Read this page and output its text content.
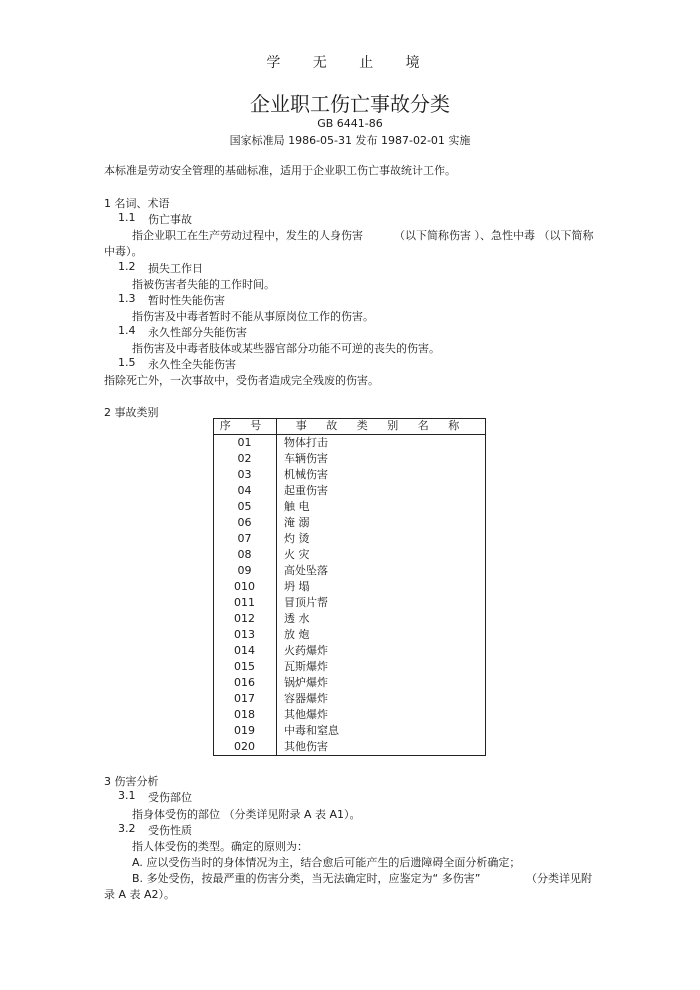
学 无 止 境
企业职工伤亡事故分类
GB 6441-86
国家标准局 1986-05-31 发布 1987-02-01 实施
本标准是劳动安全管理的基础标准，适用于企业职工伤亡事故统计工作。
1 名词、术语
1.1 伤亡事故
指企业职工在生产劳动过程中，发生的人身伤害	（以下简称伤害 ）、急性中毒 （以下简称
中毒）。
1.2 损失工作日
指被伤害者失能的工作时间。
1.3 暂时性失能伤害
指伤害及中毒者暂时不能从事原岗位工作的伤害。
1.4 永久性部分失能伤害
指伤害及中毒者肢体或某些器官部分功能不可逆的丧失的伤害。
1.5 永久性全失能伤害
指除死亡外，一次事故中，受伤者造成完全残废的伤害。
2 事故类别
序 号	事 故 类 别 名 称
01	物体打击
02	车辆伤害
03	机械伤害
04	起重伤害
05	触 电
06	淹 溺
07	灼 烫
08	火 灾
09	高处坠落
010	坍 塌
011	冒顶片帮
012	透 水
013	放 炮
014	火药爆炸
015	瓦斯爆炸
016	锅炉爆炸
017	容器爆炸
018	其他爆炸
019	中毒和窒息
020	其他伤害
3 伤害分析
3.1 受伤部位
指身体受伤的部位 （分类详见附录 A 表 A1）。
3.2 受伤性质
指人体受伤的类型。确定的原则为：
A. 应以受伤当时的身体情况为主，结合愈后可能产生的后遗障碍全面分析确定；
B. 多处受伤，按最严重的伤害分类，当无法确定时，应鉴定为“ 多伤害”	（分类详见附
录 A 表 A2）。
